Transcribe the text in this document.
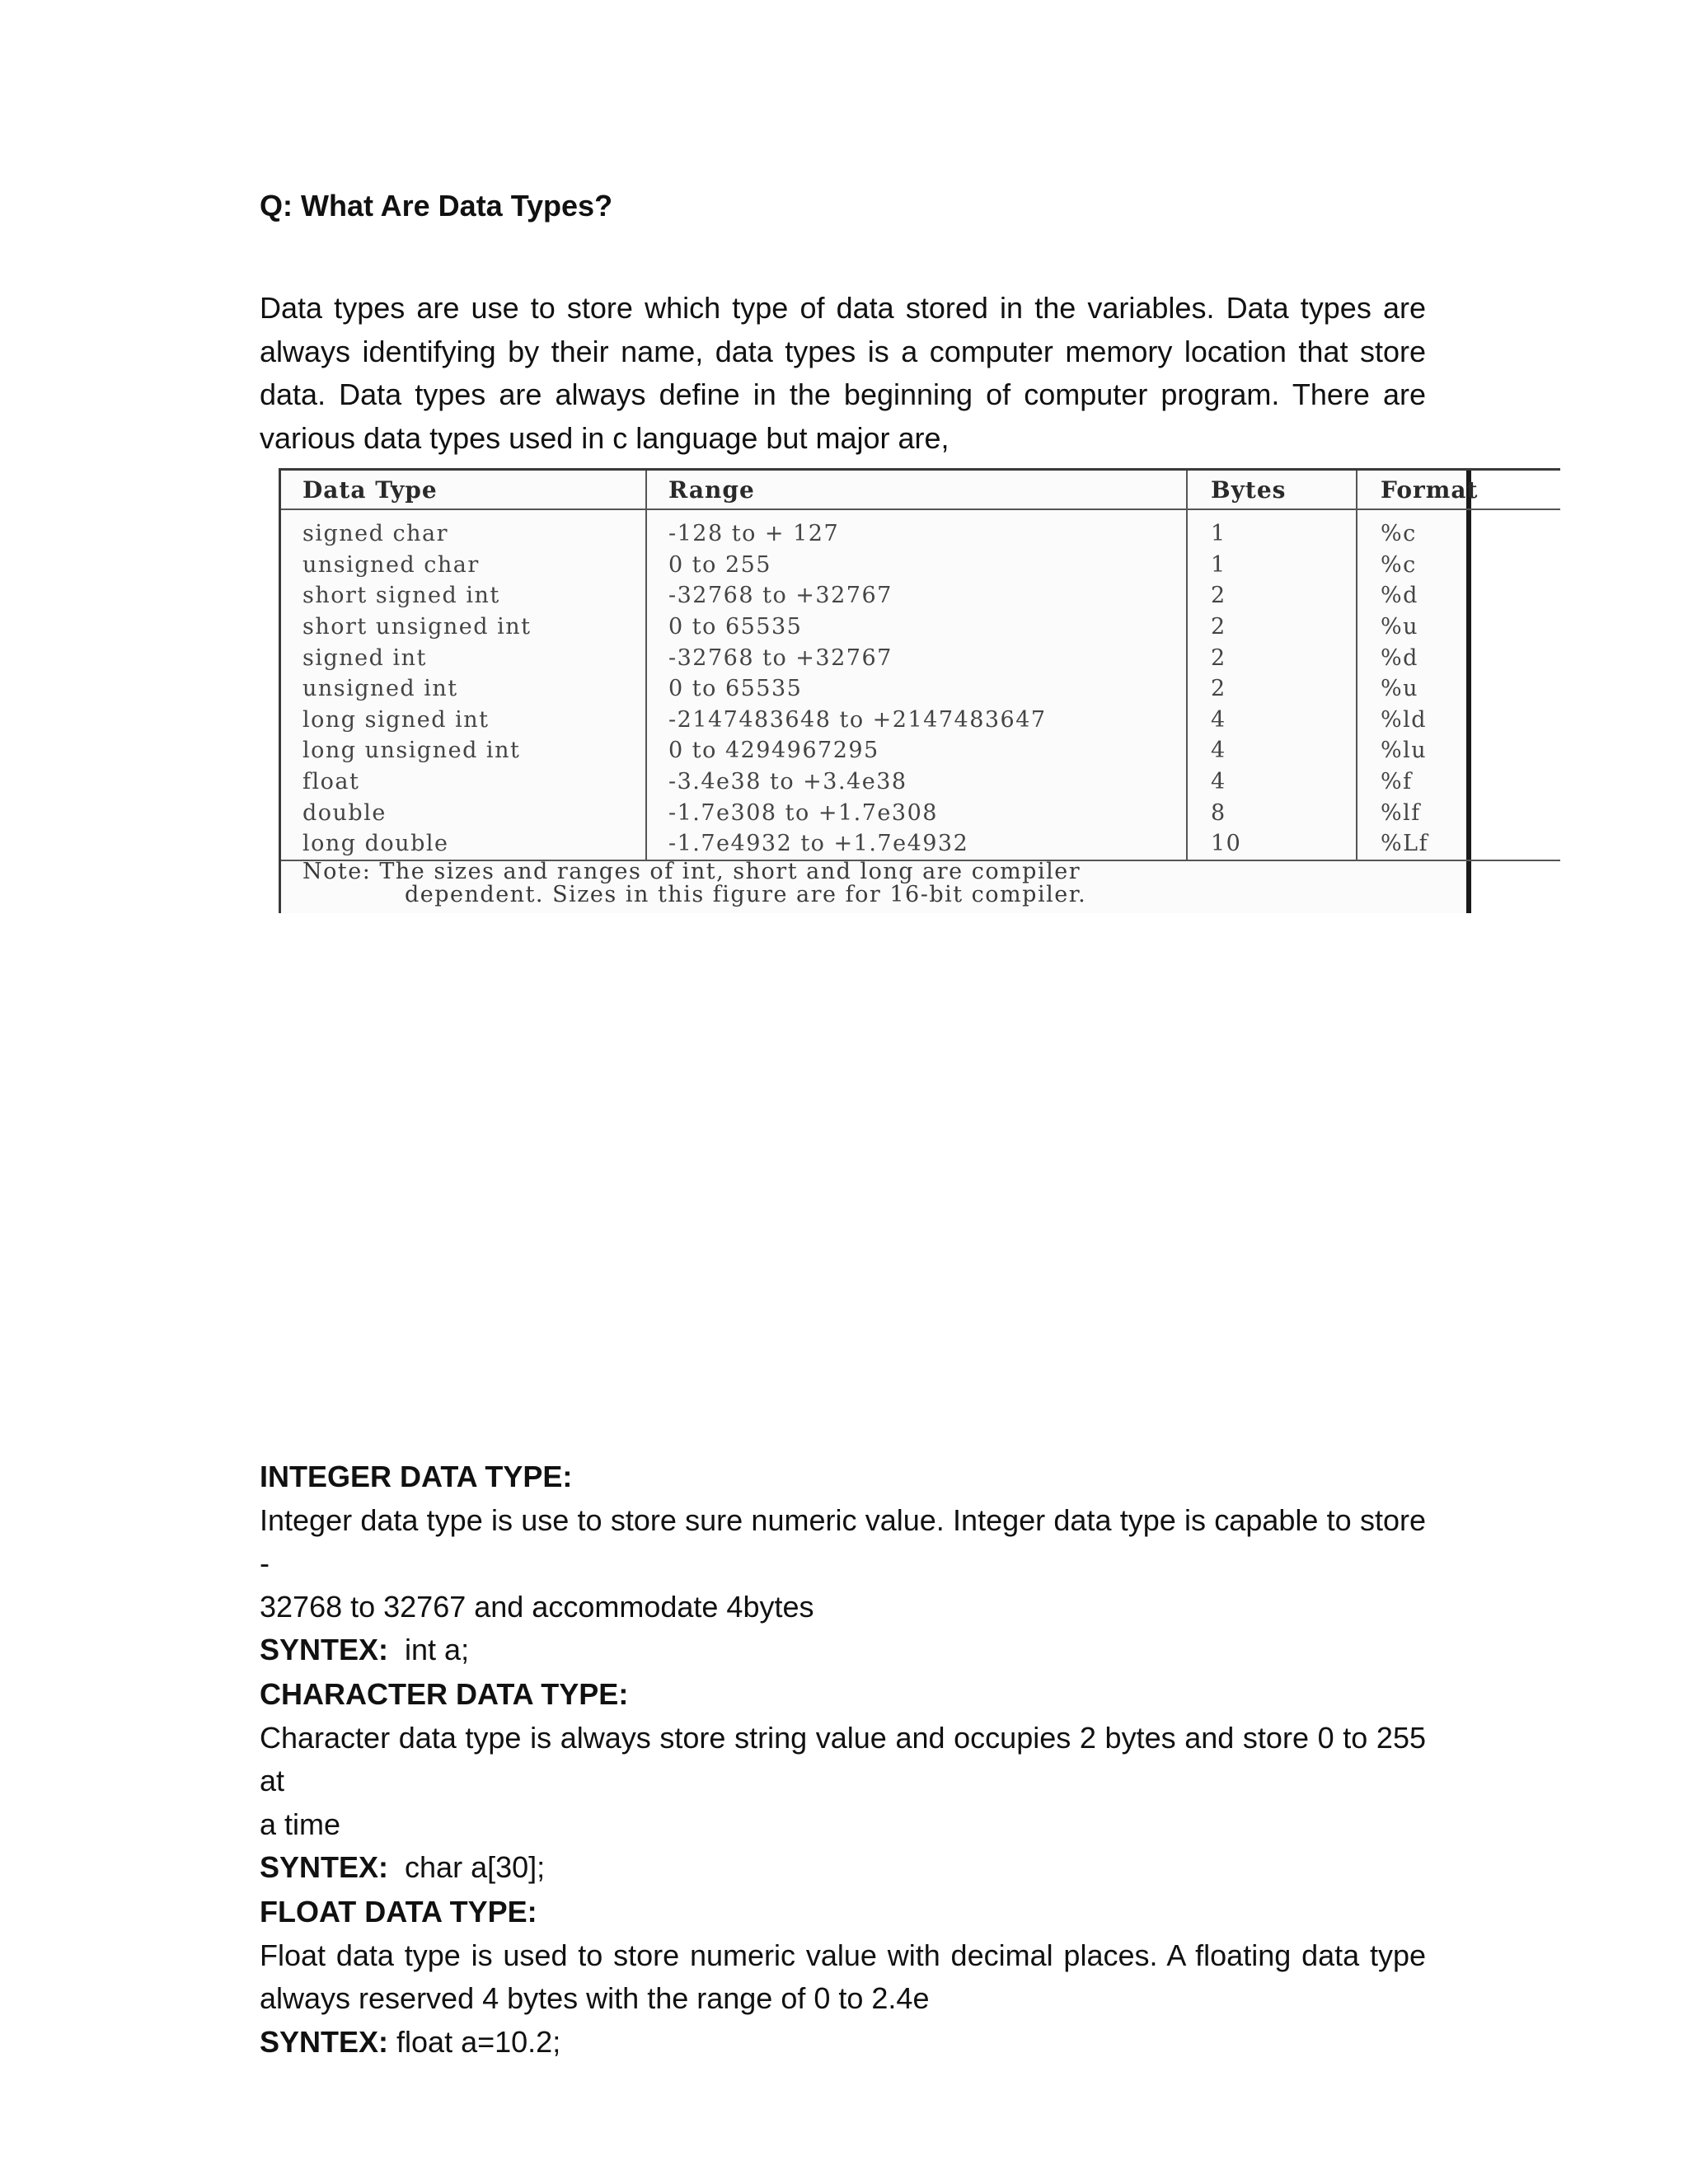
Q: What Are Data Types?
Data types are use to store which type of data stored in the variables. Data types are
always identifying by their name, data types is a computer memory location that store
data. Data types are always define in the beginning of computer program. There are
various data types used in c language but major are,
Data Type	Range	Bytes	Format
signed char	-128 to + 127	1	%c
unsigned char	0 to 255	1	%c
short signed int	-32768 to +32767	2	%d
short unsigned int	0 to 65535	2	%u
signed int	-32768 to +32767	2	%d
unsigned int	0 to 65535	2	%u
long signed int	-2147483648 to +2147483647	4	%ld
long unsigned int	0 to 4294967295	4	%lu
float	-3.4e38 to +3.4e38	4	%f
double	-1.7e308 to +1.7e308	8	%lf
long double	-1.7e4932 to +1.7e4932	10	%Lf
Note: The sizes and ranges of int, short and long are compiler
dependent. Sizes in this figure are for 16-bit compiler.
INTEGER DATA TYPE:
Integer data type is use to store sure numeric value. Integer data type is capable to store -
32768 to 32767 and accommodate 4bytes
SYNTEX:  int a;
CHARACTER DATA TYPE:
Character data type is always store string value and occupies 2 bytes and store 0 to 255 at
a time
SYNTEX:  char a[30];
FLOAT DATA TYPE:
Float data type is used to store numeric value with decimal places. A floating data type
always reserved 4 bytes with the range of 0 to 2.4e
SYNTEX: float a=10.2;
